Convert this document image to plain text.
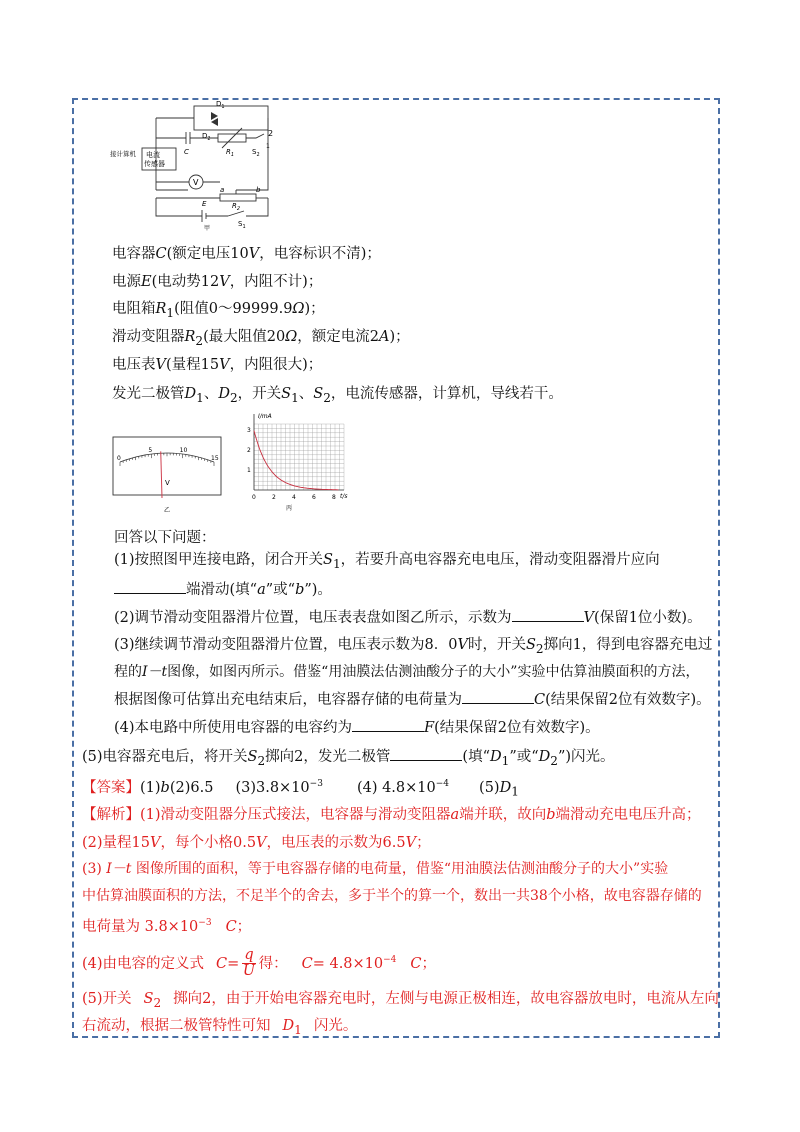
$D_1$
$D_2$
C	$R_1$	$S_2$
2
1
V
a	b
$R_2$
E
$S_1$
甲
接计算机 电流
传感器
电容器C(额定电压10V，电容标识不清)；
电源E(电动势12V，内阻不计)；
电阻箱$R_1$(阻值0～99999.9Ω)；
滑动变阻器$R_2$(最大阻值20Ω，额定电流2A)；
电压表V(量程15V，内阻很大)；
发光二极管$D_1$、$D_2$，开关$S_1$、$S_2$，电流传感器，计算机，导线若干。
0
5	10
15
V
乙
I/mA
t/s
3
2
1
0	2	4	6	8
丙
回答以下问题：
(1)按照图甲连接电路，闭合开关$S_1$，若要升高电容器充电电压，滑动变阻器滑片应向
端滑动(填“a”或“b”)。
(2)调节滑动变阻器滑片位置，电压表表盘如图乙所示，示数为	V(保留1位小数)。
(3)继续调节滑动变阻器滑片位置，电压表示数为8．0V时，开关$S_2$掷向1，得到电容器充电过
程的I－t图像，如图丙所示。借鉴“用油膜法估测油酸分子的大小”实验中估算油膜面积的方法，
根据图像可估算出充电结束后，电容器存储的电荷量为	C(结果保留2位有效数字)。
(4)本电路中所使用电容器的电容约为	F(结果保留2位有效数字)。
(5)电容器充电后，将开关$S_2$掷向2，发光二极管	(填“$D_1$”或“$D_2$”)闪光。
【答案】(1)b(2)6.5 $(3)3.8\times 10^{-3}$ (4) $4.8\times 10^{-4}$ $(5)D_1$
【解析】(1)滑动变阻器分压式接法，电容器与滑动变阻器a端并联，故向b端滑动充电电压升高；
(2)量程15V，每个小格0.5V，电压表的示数为6.5V；
(3) I－t 图像所围的面积，等于电容器存储的电荷量，借鉴“用油膜法估测油酸分子的大小”实验
中估算油膜面积的方法，不足半个的舍去，多于半个的算一个，数出一共38个小格，故电容器存储的
电荷量为 $3.8\times 10^{-3}$ C；
(4)由电容的定义式 $C= \frac{q}{U}$ 得： $C= 4.8\times 10^{-4}$ C；
(5)开关 $S_2$ 掷向2，由于开始电容器充电时，左侧与电源正极相连，故电容器放电时，电流从左向
右流动，根据二极管特性可知 $D_1$ 闪光。
